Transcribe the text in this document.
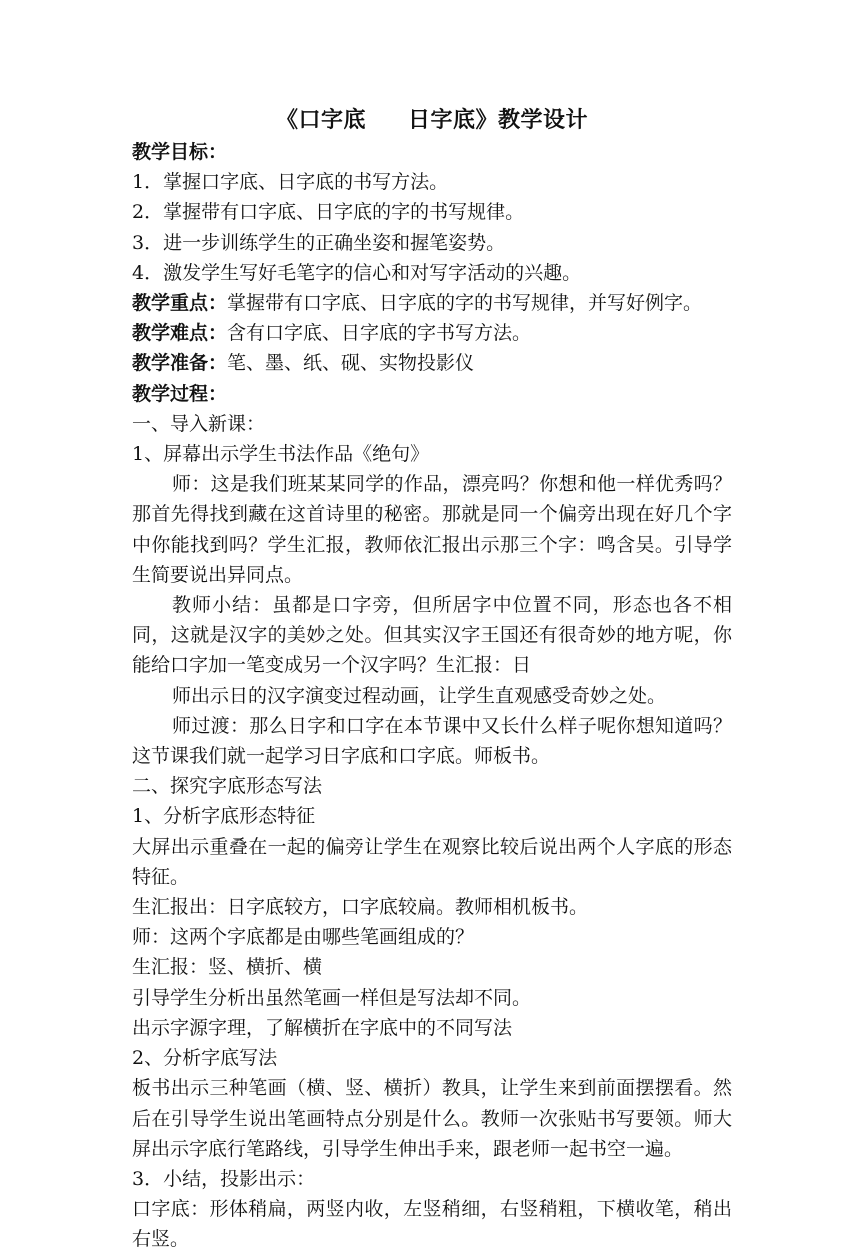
《口字底 日字底》教学设计

教学目标：

1．掌握口字底、日字底的书写方法。

2．掌握带有口字底、日字底的字的书写规律。

3．进一步训练学生的正确坐姿和握笔姿势。

4．激发学生写好毛笔字的信心和对写字活动的兴趣。

教学重点：掌握带有口字底、日字底的字的书写规律，并写好例字。

教学难点：含有口字底、日字底的字书写方法。

教学准备：笔、墨、纸、砚、实物投影仪

教学过程：

一、导入新课：

1、屏幕出示学生书法作品《绝句》

师：这是我们班某某同学的作品，漂亮吗？你想和他一样优秀吗？那首先得找到藏在这首诗里的秘密。那就是同一个偏旁出现在好几个字中你能找到吗？学生汇报，教师依汇报出示那三个字：鸣含吴。引导学生简要说出异同点。

教师小结：虽都是口字旁，但所居字中位置不同，形态也各不相同，这就是汉字的美妙之处。但其实汉字王国还有很奇妙的地方呢，你能给口字加一笔变成另一个汉字吗？生汇报：日

师出示日的汉字演变过程动画，让学生直观感受奇妙之处。

师过渡：那么日字和口字在本节课中又长什么样子呢你想知道吗？这节课我们就一起学习日字底和口字底。师板书。

二、探究字底形态写法

1、分析字底形态特征

大屏出示重叠在一起的偏旁让学生在观察比较后说出两个人字底的形态特征。

生汇报出：日字底较方，口字底较扁。教师相机板书。

师：这两个字底都是由哪些笔画组成的？

生汇报：竖、横折、横

引导学生分析出虽然笔画一样但是写法却不同。

出示字源字理，了解横折在字底中的不同写法

2、分析字底写法

板书出示三种笔画（横、竖、横折）教具，让学生来到前面摆摆看。然后在引导学生说出笔画特点分别是什么。教师一次张贴书写要领。师大屏出示字底行笔路线，引导学生伸出手来，跟老师一起书空一遍。

3．小结，投影出示：

口字底：形体稍扁，两竖内收，左竖稍细，右竖稍粗，下横收笔，稍出右竖。
